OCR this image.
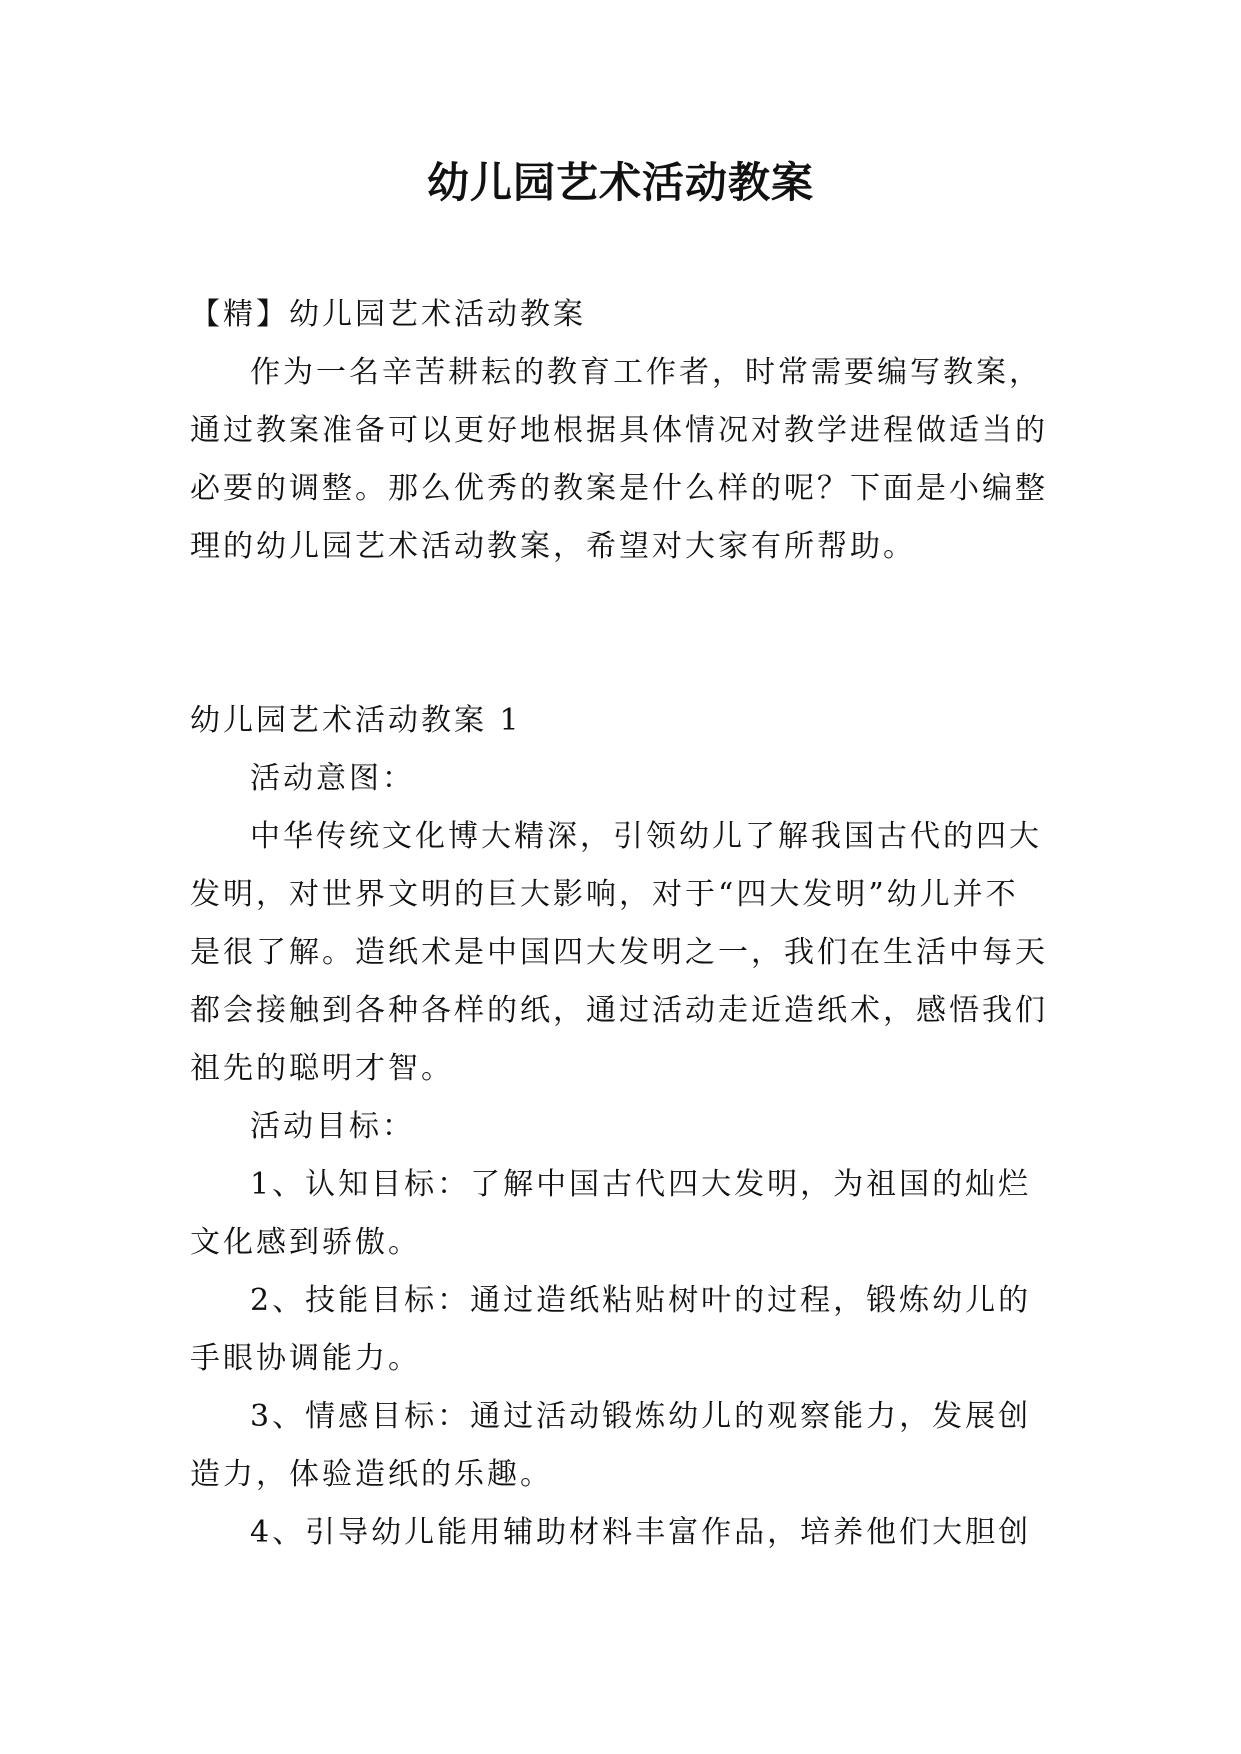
幼儿园艺术活动教案

【精】幼儿园艺术活动教案

作为一名辛苦耕耘的教育工作者，时常需要编写教案，通过教案准备可以更好地根据具体情况对教学进程做适当的必要的调整。那么优秀的教案是什么样的呢？下面是小编整理的幼儿园艺术活动教案，希望对大家有所帮助。

幼儿园艺术活动教案 1

活动意图：

中华传统文化博大精深，引领幼儿了解我国古代的四大发明，对世界文明的巨大影响，对于“四大发明”幼儿并不是很了解。造纸术是中国四大发明之一，我们在生活中每天都会接触到各种各样的纸，通过活动走近造纸术，感悟我们祖先的聪明才智。

活动目标：

1、认知目标：了解中国古代四大发明，为祖国的灿烂文化感到骄傲。

2、技能目标：通过造纸粘贴树叶的过程，锻炼幼儿的手眼协调能力。

3、情感目标：通过活动锻炼幼儿的观察能力，发展创造力，体验造纸的乐趣。

4、引导幼儿能用辅助材料丰富作品，培养他们大胆创
